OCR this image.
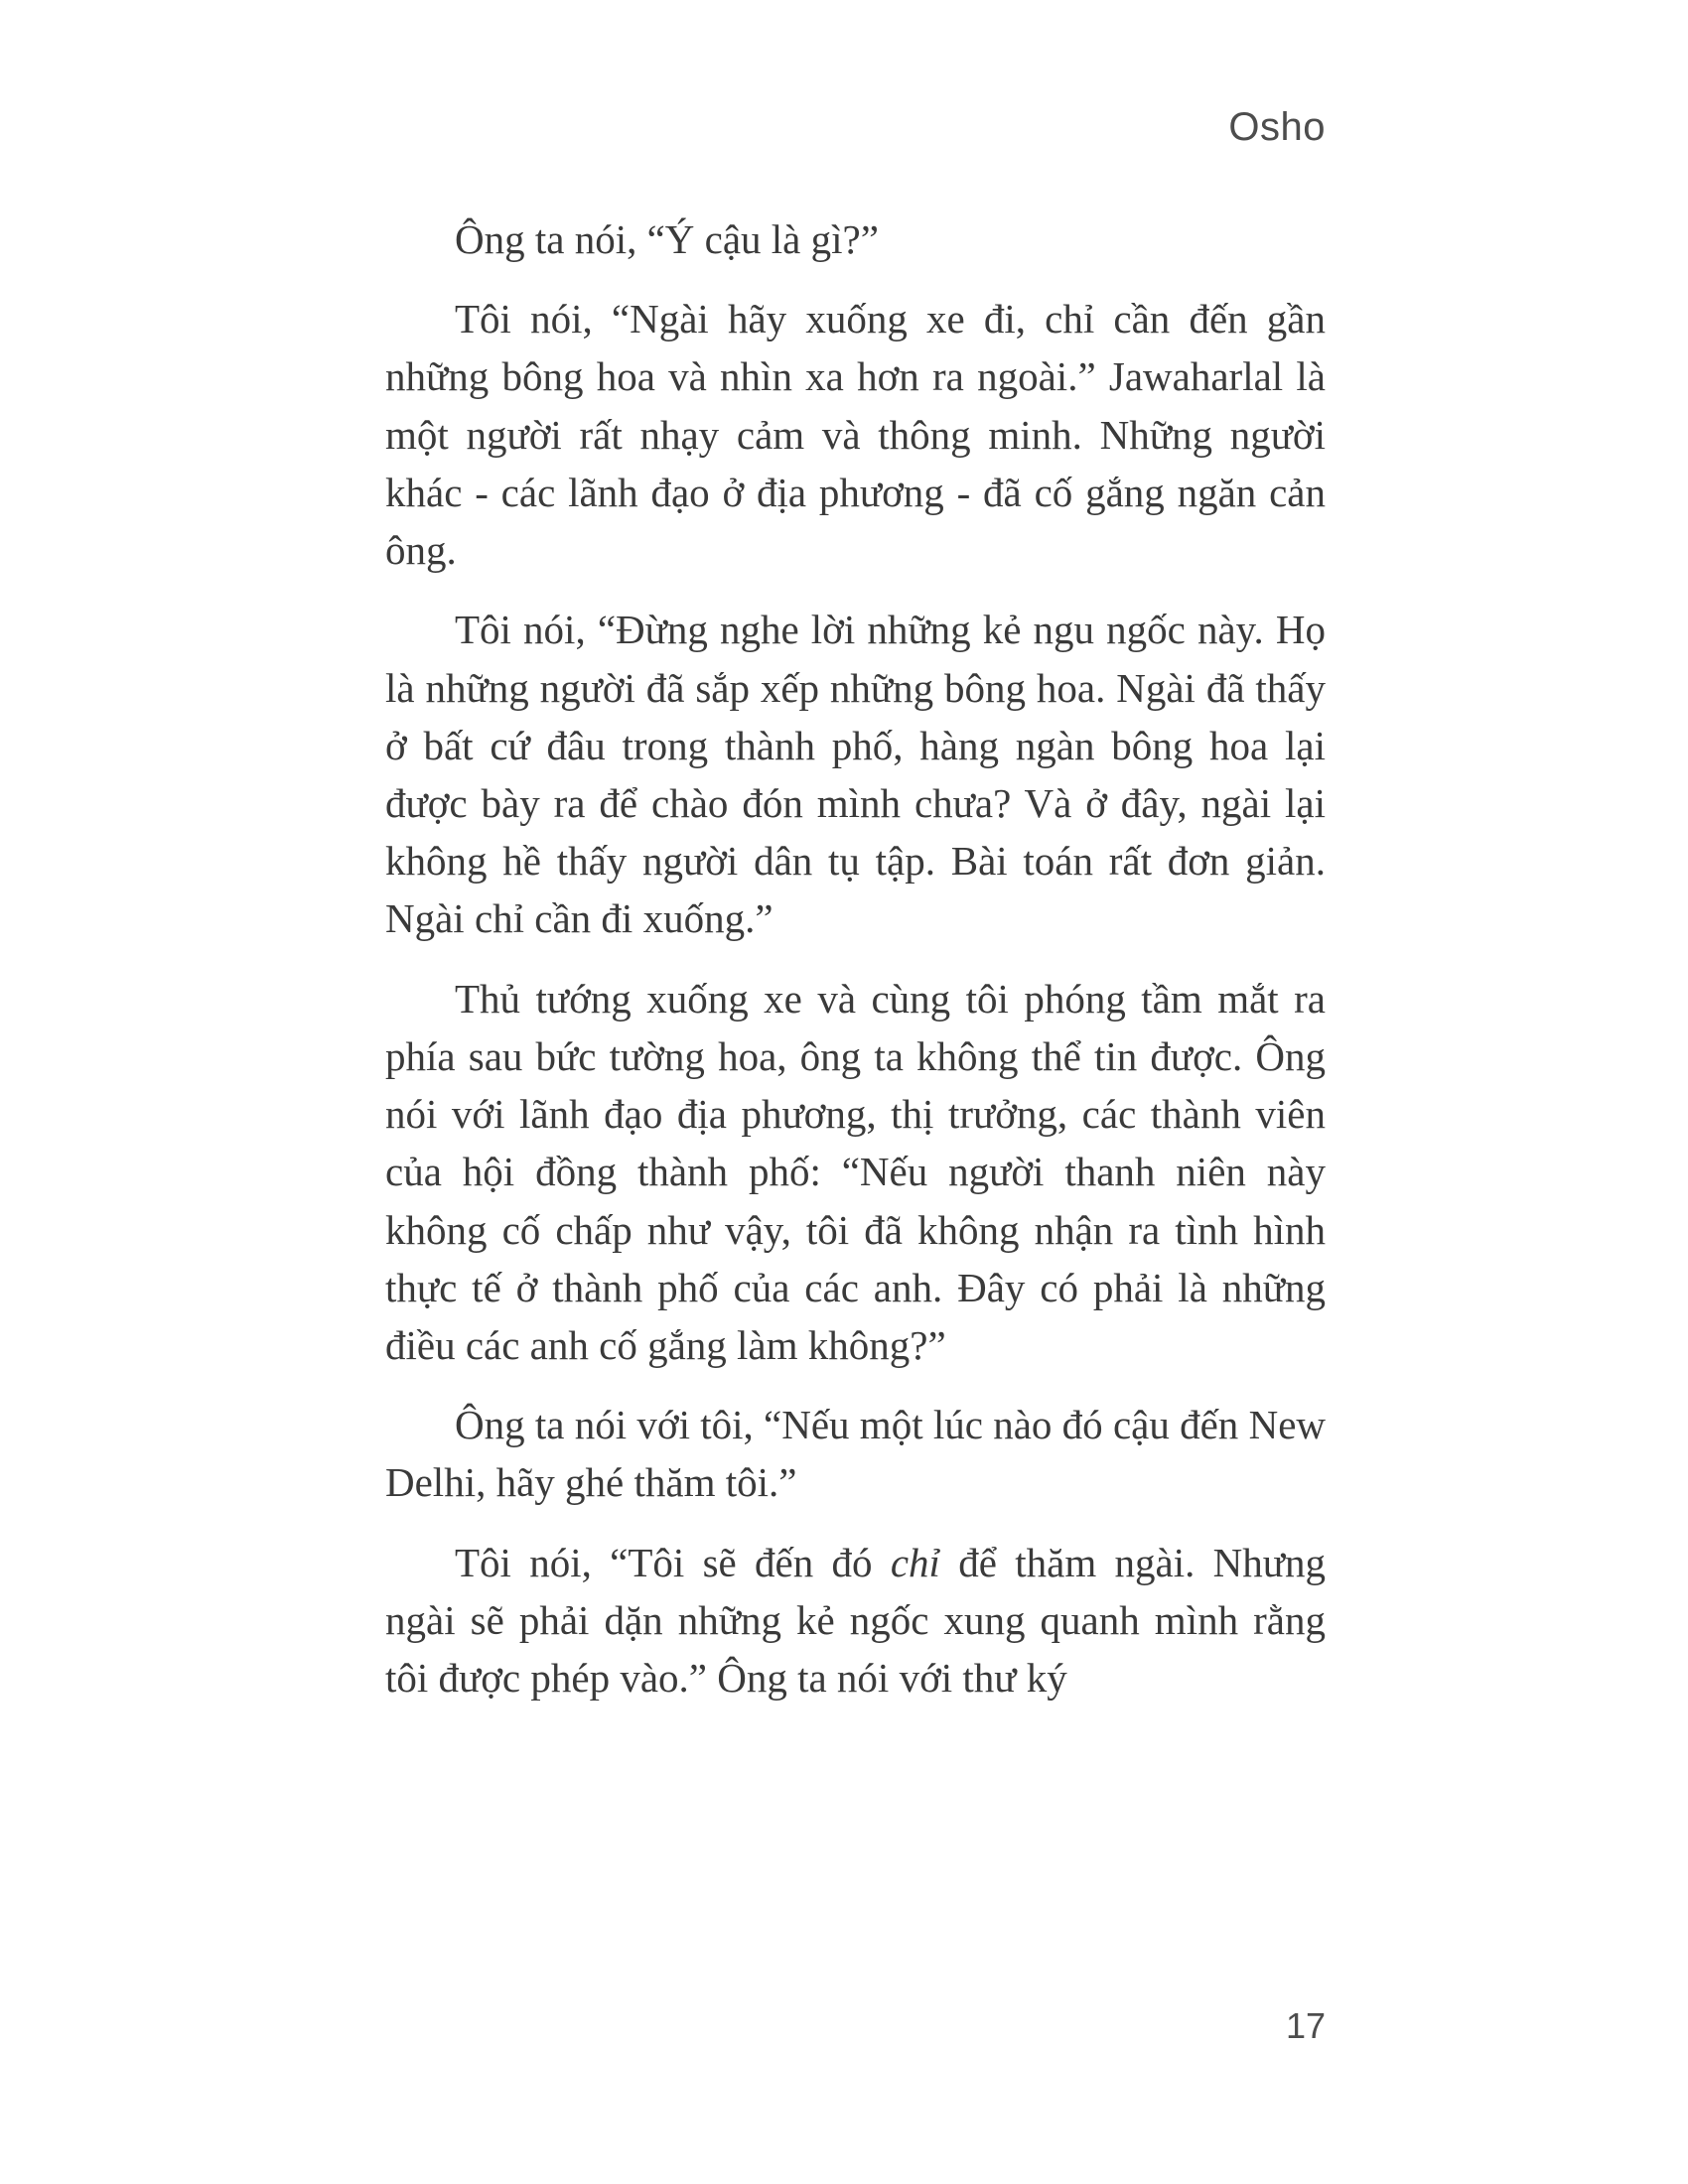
Osho

Ông ta nói, “Ý cậu là gì?”

Tôi nói, “Ngài hãy xuống xe đi, chỉ cần đến gần những bông hoa và nhìn xa hơn ra ngoài.” Jawaharlal là một người rất nhạy cảm và thông minh. Những người khác - các lãnh đạo ở địa phương - đã cố gắng ngăn cản ông.

Tôi nói, “Đừng nghe lời những kẻ ngu ngốc này. Họ là những người đã sắp xếp những bông hoa. Ngài đã thấy ở bất cứ đâu trong thành phố, hàng ngàn bông hoa lại được bày ra để chào đón mình chưa? Và ở đây, ngài lại không hề thấy người dân tụ tập. Bài toán rất đơn giản. Ngài chỉ cần đi xuống.”

Thủ tướng xuống xe và cùng tôi phóng tầm mắt ra phía sau bức tường hoa, ông ta không thể tin được. Ông nói với lãnh đạo địa phương, thị trưởng, các thành viên của hội đồng thành phố: “Nếu người thanh niên này không cố chấp như vậy, tôi đã không nhận ra tình hình thực tế ở thành phố của các anh. Đây có phải là những điều các anh cố gắng làm không?”

Ông ta nói với tôi, “Nếu một lúc nào đó cậu đến New Delhi, hãy ghé thăm tôi.”

Tôi nói, “Tôi sẽ đến đó chỉ để thăm ngài. Nhưng ngài sẽ phải dặn những kẻ ngốc xung quanh mình rằng tôi được phép vào.” Ông ta nói với thư ký

17
